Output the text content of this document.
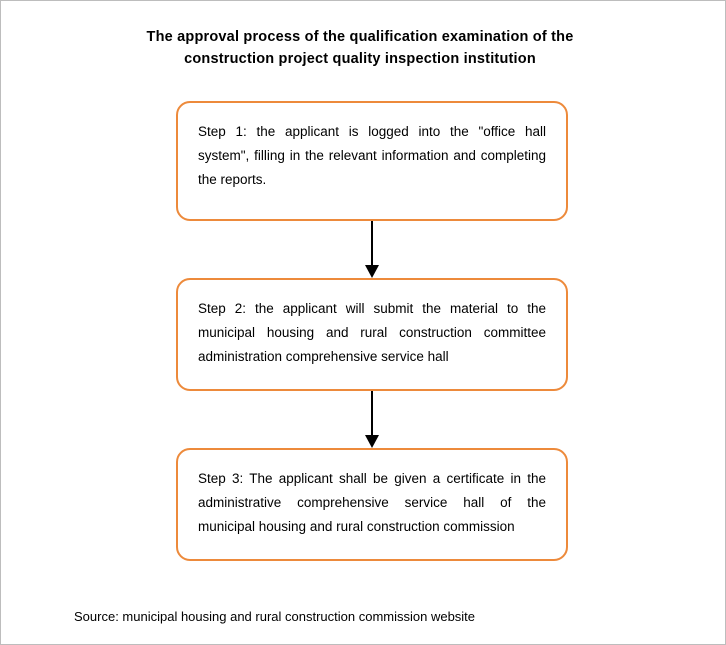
The approval process of the qualification examination of the
construction project quality inspection institution
Step 1: the applicant is logged into the "office hall system", filling in the relevant information and completing the reports.
Step 2: the applicant will submit the material to the municipal housing and rural construction committee administration comprehensive service hall
Step 3: The applicant shall be given a certificate in the administrative comprehensive service hall of the municipal housing and rural construction commission
Source: municipal housing and rural construction commission website
